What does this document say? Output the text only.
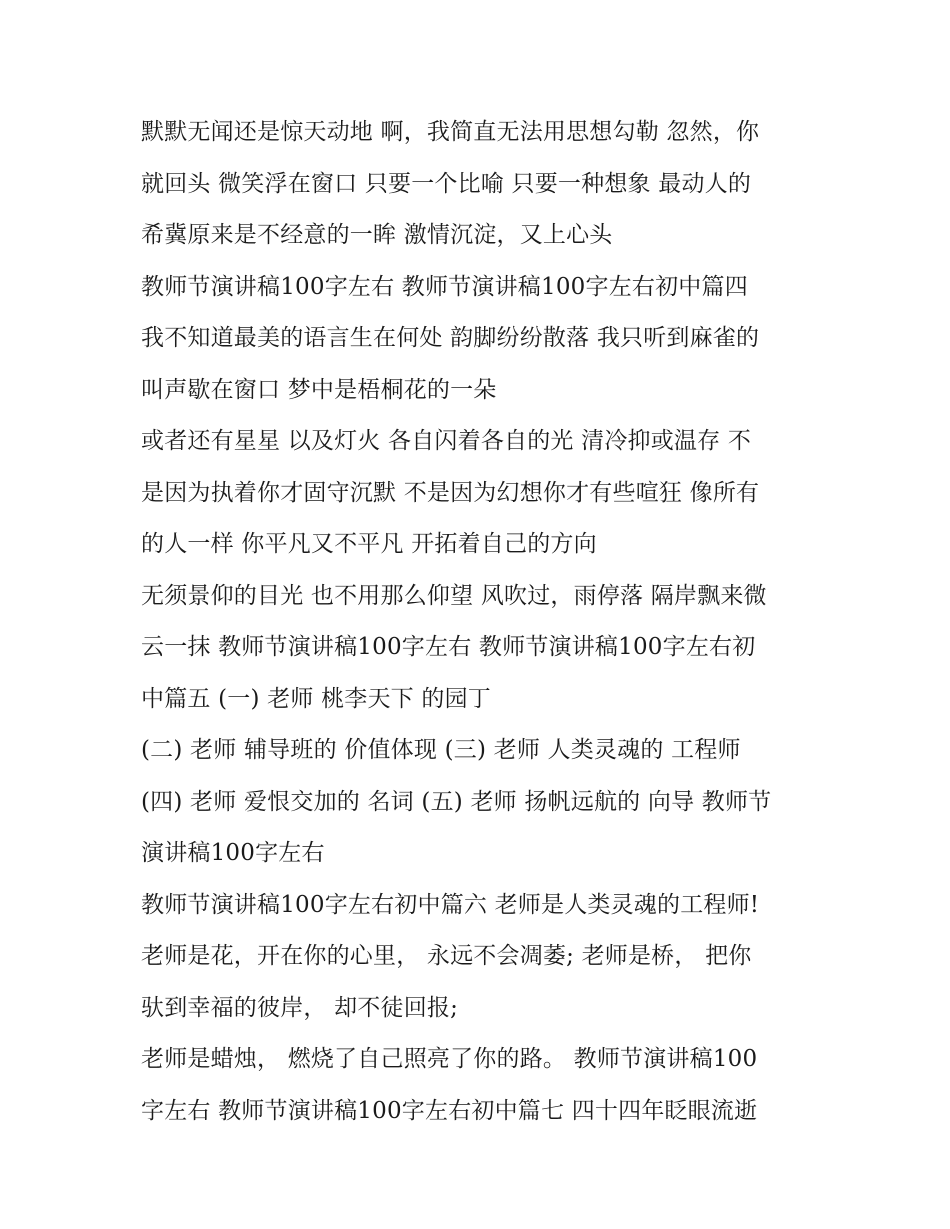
默默无闻还是惊天动地 啊，我简直无法用思想勾勒 忽然，你
就回头 微笑浮在窗口 只要一个比喻 只要一种想象 最动人的
希冀原来是不经意的一眸 激情沉淀，又上心头
教师节演讲稿100字左右 教师节演讲稿100字左右初中篇四
我不知道最美的语言生在何处 韵脚纷纷散落 我只听到麻雀的
叫声歇在窗口 梦中是梧桐花的一朵
或者还有星星 以及灯火 各自闪着各自的光 清冷抑或温存 不
是因为执着你才固守沉默 不是因为幻想你才有些喧狂 像所有
的人一样 你平凡又不平凡 开拓着自己的方向
无须景仰的目光 也不用那么仰望 风吹过，雨停落 隔岸飘来微
云一抹 教师节演讲稿100字左右 教师节演讲稿100字左右初
中篇五 (一) 老师 桃李天下 的园丁
(二) 老师 辅导班的 价值体现 (三) 老师 人类灵魂的 工程师
(四) 老师 爱恨交加的 名词 (五) 老师 扬帆远航的 向导 教师节
演讲稿100字左右
教师节演讲稿100字左右初中篇六 老师是人类灵魂的工程师!
老师是花，开在你的心里， 永远不会凋萎; 老师是桥， 把你
驮到幸福的彼岸， 却不徒回报;
老师是蜡烛， 燃烧了自己照亮了你的路。 教师节演讲稿100
字左右 教师节演讲稿100字左右初中篇七 四十四年眨眼流逝
